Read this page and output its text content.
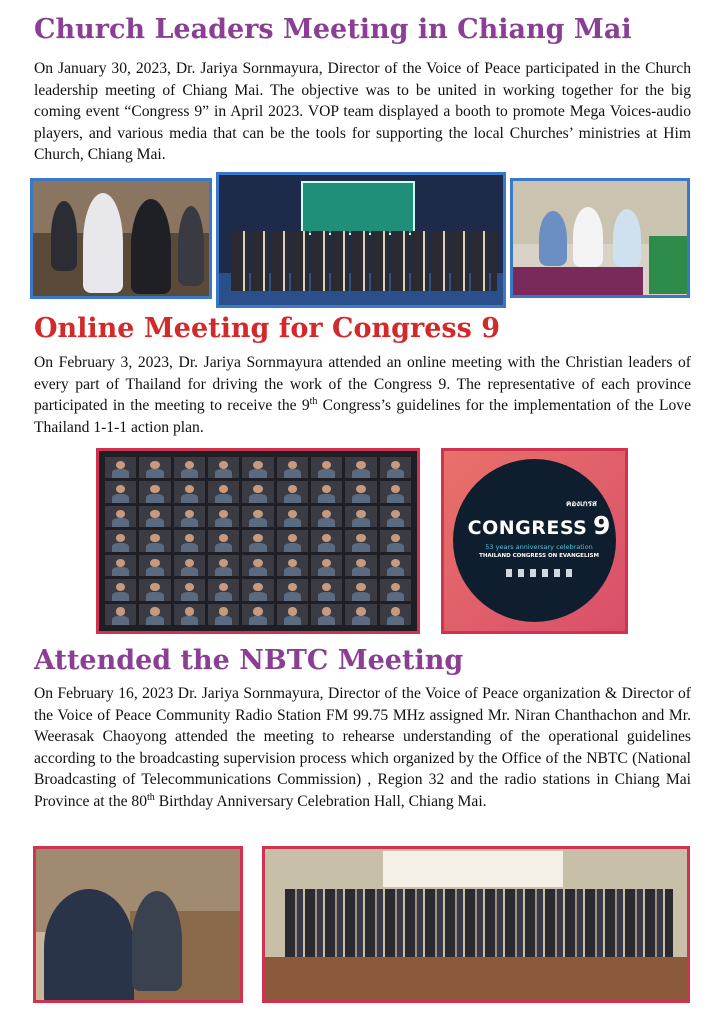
Church Leaders Meeting in Chiang Mai

On January 30, 2023, Dr. Jariya Sornmayura, Director of the Voice of Peace participated in the Church leadership meeting of Chiang Mai. The objective was to be united in working together for the big coming event “Congress 9” in April 2023. VOP team displayed a booth to promote Mega Voices-audio players, and various media that can be the tools for supporting the local Churches’ ministries at Him Church, Chiang Mai.

Online Meeting for Congress 9

On February 3, 2023, Dr. Jariya Sornmayura attended an online meeting with the Christian leaders of every part of Thailand for driving the work of the Congress 9. The representative of each province participated in the meeting to receive the 9th Congress’s guidelines for the implementation of the Love Thailand 1-1-1 action plan.

คองเกรส
CONGRESS 9
53 years anniversary celebration
THAILAND CONGRESS ON EVANGELISM
Attended the NBTC Meeting

On February 16, 2023 Dr. Jariya Sornmayura, Director of the Voice of Peace organization & Director of the Voice of Peace Community Radio Station FM 99.75 MHz assigned Mr. Niran Chanthachon and Mr. Weerasak Chaoyong attended the meeting to rehearse understanding of the operational guidelines according to the broadcasting supervision process which organized by the Office of the NBTC (National Broadcasting of Telecommunications Commission) , Region 32 and the radio stations in Chiang Mai Province at the 80th Birthday Anniversary Celebration Hall, Chiang Mai.
